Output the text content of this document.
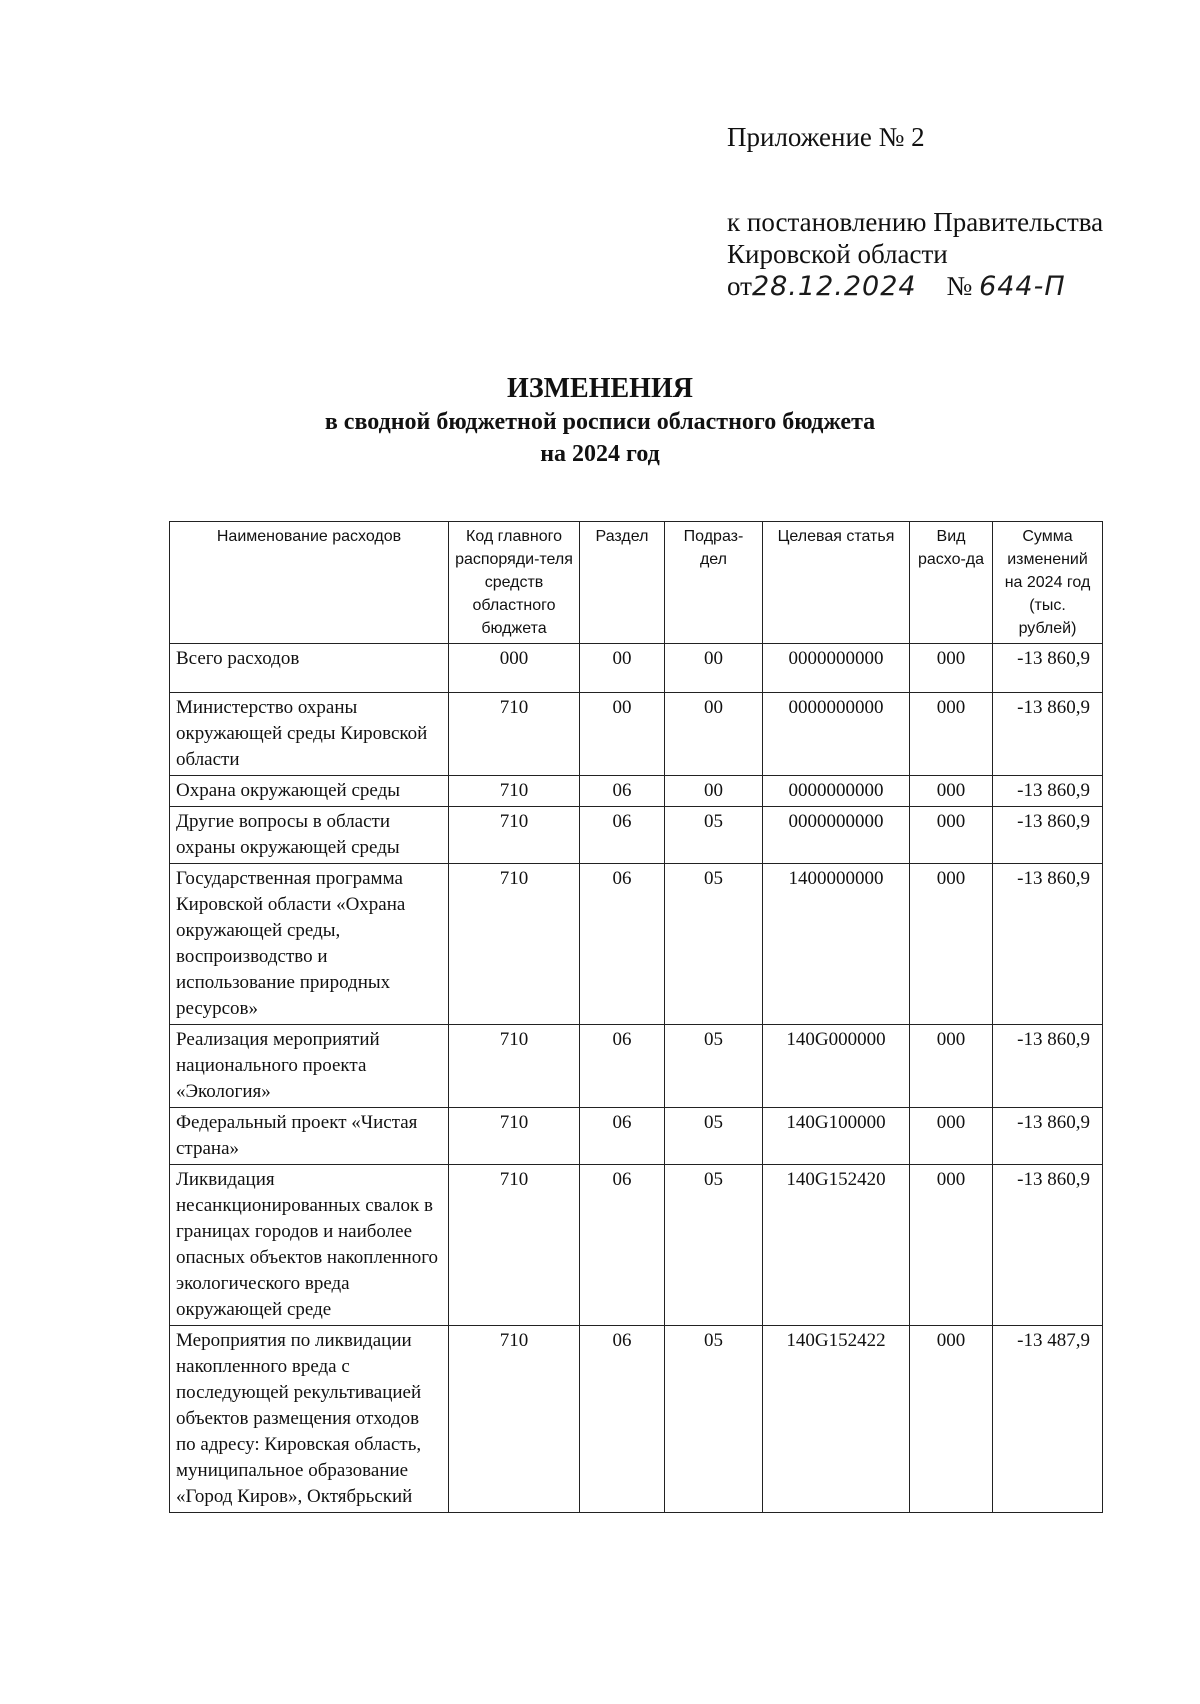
Приложение № 2
к постановлению Правительства
Кировской области
от28.12.2024 № 644-П
ИЗМЕНЕНИЯ
в сводной бюджетной росписи областного бюджета
на 2024 год
Наименование расходов	Код главного распоряди-теля средств областного бюджета	Раздел	Подраз-дел	Целевая статья	Вид расхо-да	Сумма изменений на 2024 год (тыс. рублей)
Всего расходов	000	00	00	0000000000	000	-13 860,9
Министерство охраны окружающей среды Кировской области	710	00	00	0000000000	000	-13 860,9
Охрана окружающей среды	710	06	00	0000000000	000	-13 860,9
Другие вопросы в области охраны окружающей среды	710	06	05	0000000000	000	-13 860,9
Государственная программа Кировской области «Охрана окружающей среды, воспроизводство и использование природных ресурсов»	710	06	05	1400000000	000	-13 860,9
Реализация мероприятий национального проекта «Экология»	710	06	05	140G000000	000	-13 860,9
Федеральный проект «Чистая страна»	710	06	05	140G100000	000	-13 860,9
Ликвидация несанкционированных свалок в границах городов и наиболее опасных объектов накопленного экологического вреда окружающей среде	710	06	05	140G152420	000	-13 860,9
Мероприятия по ликвидации накопленного вреда с последующей рекультивацией объектов размещения отходов по адресу: Кировская область, муниципальное образование «Город Киров», Октябрьский	710	06	05	140G152422	000	-13 487,9
